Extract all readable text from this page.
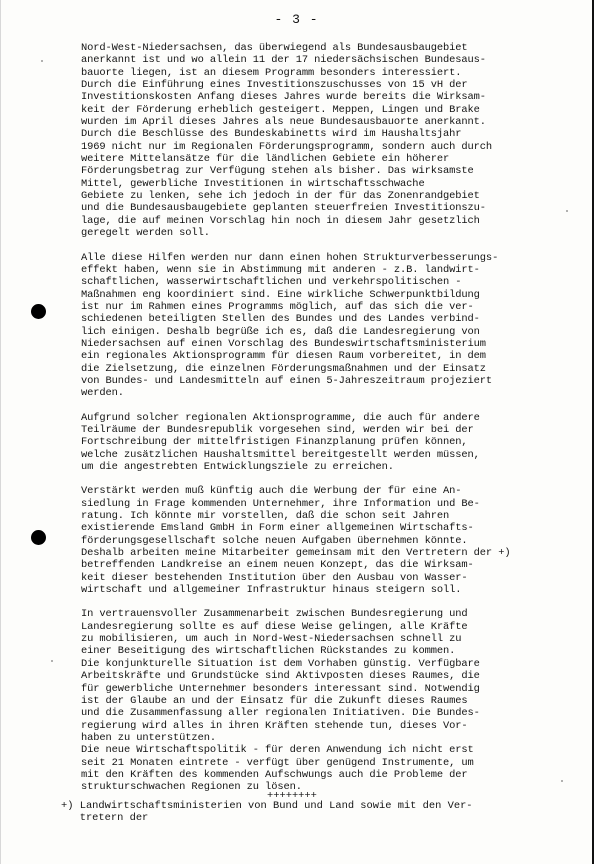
- 3 -
Nord-West-Niedersachsen, das überwiegend als Bundesausbaugebiet
anerkannt ist und wo allein 11 der 17 niedersächsischen Bundesaus-
bauorte liegen, ist an diesem Programm besonders interessiert.
Durch die Einführung eines Investitionszuschusses von 15 vH der
Investitionskosten Anfang dieses Jahres wurde bereits die Wirksam-
keit der Förderung erheblich gesteigert. Meppen, Lingen und Brake
wurden im April dieses Jahres als neue Bundesausbauorte anerkannt.
Durch die Beschlüsse des Bundeskabinetts wird im Haushaltsjahr
1969 nicht nur im Regionalen Förderungsprogramm, sondern auch durch
weitere Mittelansätze für die ländlichen Gebiete ein höherer
Förderungsbetrag zur Verfügung stehen als bisher. Das wirksamste
Mittel, gewerbliche Investitionen in wirtschaftsschwache
Gebiete zu lenken, sehe ich jedoch in der für das Zonenrandgebiet
und die Bundesausbaugebiete geplanten steuerfreien Investitionszu-
lage, die auf meinen Vorschlag hin noch in diesem Jahr gesetzlich
geregelt werden soll.
Alle diese Hilfen werden nur dann einen hohen Strukturverbesserungs-
effekt haben, wenn sie in Abstimmung mit anderen - z.B. landwirt-
schaftlichen, wasserwirtschaftlichen und verkehrspolitischen -
Maßnahmen eng koordiniert sind. Eine wirkliche Schwerpunktbildung
ist nur im Rahmen eines Programms möglich, auf das sich die ver-
schiedenen beteiligten Stellen des Bundes und des Landes verbind-
lich einigen. Deshalb begrüße ich es, daß die Landesregierung von
Niedersachsen auf einen Vorschlag des Bundeswirtschaftsministerium
ein regionales Aktionsprogramm für diesen Raum vorbereitet, in dem
die Zielsetzung, die einzelnen Förderungsmaßnahmen und der Einsatz
von Bundes- und Landesmitteln auf einen 5-Jahreszeitraum projeziert
werden.
Aufgrund solcher regionalen Aktionsprogramme, die auch für andere
Teilräume der Bundesrepublik vorgesehen sind, werden wir bei der
Fortschreibung der mittelfristigen Finanzplanung prüfen können,
welche zusätzlichen Haushaltsmittel bereitgestellt werden müssen,
um die angestrebten Entwicklungsziele zu erreichen.
Verstärkt werden muß künftig auch die Werbung der für eine An-
siedlung in Frage kommenden Unternehmer, ihre Information und Be-
ratung. Ich könnte mir vorstellen, daß die schon seit Jahren
existierende Emsland GmbH in Form einer allgemeinen Wirtschafts-
förderungsgesellschaft solche neuen Aufgaben übernehmen könnte.
Deshalb arbeiten meine Mitarbeiter gemeinsam mit den Vertretern der +)
betreffenden Landkreise an einem neuen Konzept, das die Wirksam-
keit dieser bestehenden Institution über den Ausbau von Wasser-
wirtschaft und allgemeiner Infrastruktur hinaus steigern soll.
In vertrauensvoller Zusammenarbeit zwischen Bundesregierung und
Landesregierung sollte es auf diese Weise gelingen, alle Kräfte
zu mobilisieren, um auch in Nord-West-Niedersachsen schnell zu
einer Beseitigung des wirtschaftlichen Rückstandes zu kommen.
Die konjunkturelle Situation ist dem Vorhaben günstig. Verfügbare
Arbeitskräfte und Grundstücke sind Aktivposten dieses Raumes, die
für gewerbliche Unternehmer besonders interessant sind. Notwendig
ist der Glaube an und der Einsatz für die Zukunft dieses Raumes
und die Zusammenfassung aller regionalen Initiativen. Die Bundes-
regierung wird alles in ihren Kräften stehende tun, dieses Vor-
haben zu unterstützen.
Die neue Wirtschaftspolitik - für deren Anwendung ich nicht erst
seit 21 Monaten eintrete - verfügt über genügend Instrumente, um
mit den Kräften des kommenden Aufschwungs auch die Probleme der
strukturschwachen Regionen zu lösen.
++++++++
+) Landwirtschaftsministerien von Bund und Land sowie mit den Ver-
tretern der
